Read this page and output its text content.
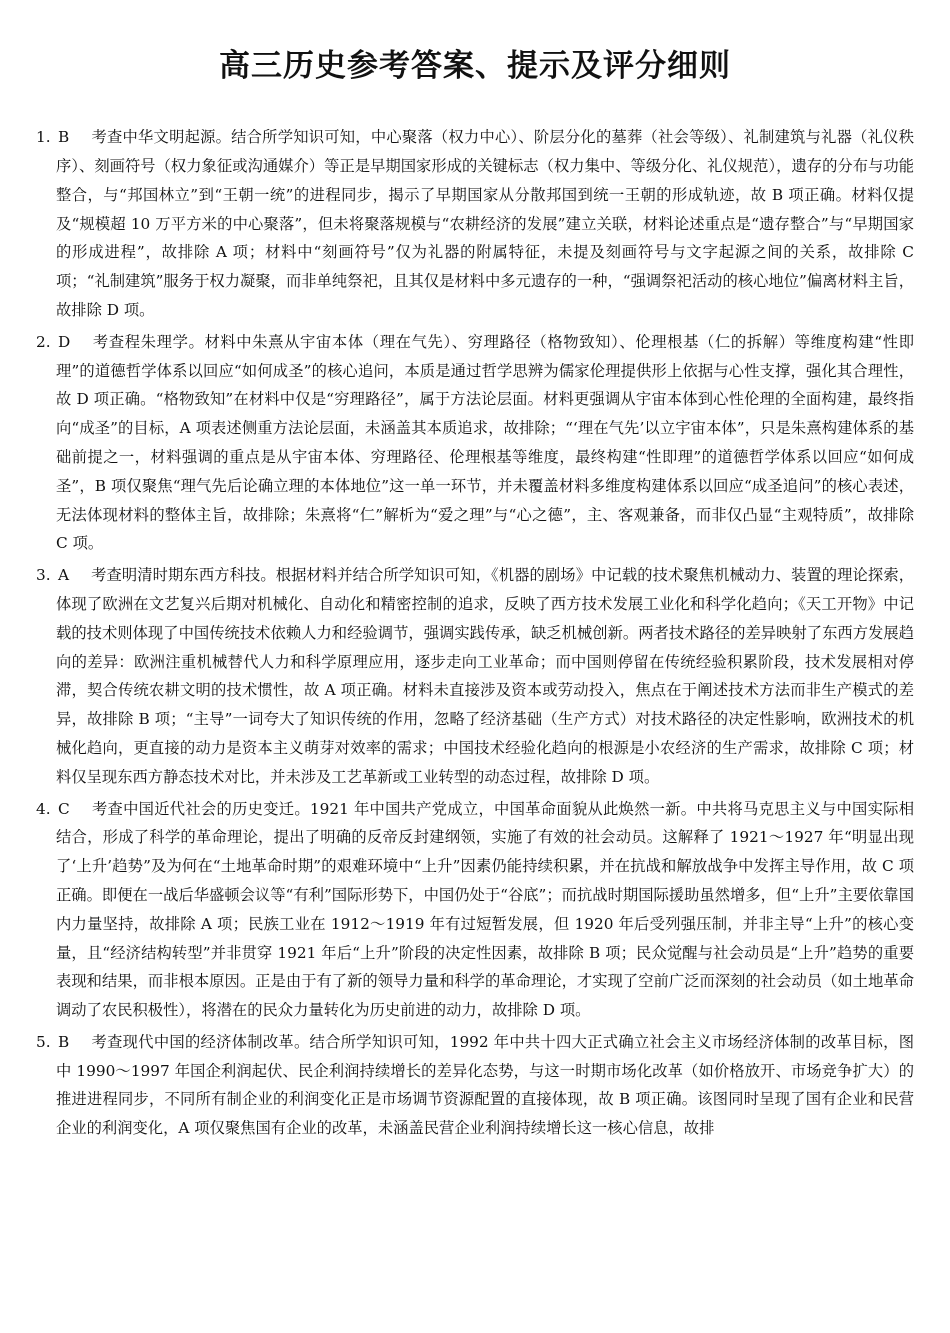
高三历史参考答案、提示及评分细则

1. B 考查中华文明起源。结合所学知识可知，中心聚落（权力中心）、阶层分化的墓葬（社会等级）、礼制建筑与礼器（礼仪秩序）、刻画符号（权力象征或沟通媒介）等正是早期国家形成的关键标志（权力集中、等级分化、礼仪规范），遗存的分布与功能整合，与“邦国林立”到“王朝一统”的进程同步，揭示了早期国家从分散邦国到统一王朝的形成轨迹，故 B 项正确。材料仅提及“规模超 10 万平方米的中心聚落”，但未将聚落规模与“农耕经济的发展”建立关联，材料论述重点是“遗存整合”与“早期国家的形成进程”，故排除 A 项；材料中“刻画符号”仅为礼器的附属特征，未提及刻画符号与文字起源之间的关系，故排除 C 项；“礼制建筑”服务于权力凝聚，而非单纯祭祀，且其仅是材料中多元遗存的一种，“强调祭祀活动的核心地位”偏离材料主旨，故排除 D 项。

2. D 考查程朱理学。材料中朱熹从宇宙本体（理在气先）、穷理路径（格物致知）、伦理根基（仁的拆解）等维度构建“性即理”的道德哲学体系以回应“如何成圣”的核心追问，本质是通过哲学思辨为儒家伦理提供形上依据与心性支撑，强化其合理性，故 D 项正确。“格物致知”在材料中仅是“穷理路径”，属于方法论层面。材料更强调从宇宙本体到心性伦理的全面构建，最终指向“成圣”的目标，A 项表述侧重方法论层面，未涵盖其本质追求，故排除；“‘理在气先’以立宇宙本体”，只是朱熹构建体系的基础前提之一，材料强调的重点是从宇宙本体、穷理路径、伦理根基等维度，最终构建“性即理”的道德哲学体系以回应“如何成圣”，B 项仅聚焦“理气先后论确立理的本体地位”这一单一环节，并未覆盖材料多维度构建体系以回应“成圣追问”的核心表述，无法体现材料的整体主旨，故排除；朱熹将“仁”解析为“爱之理”与“心之德”，主、客观兼备，而非仅凸显“主观特质”，故排除 C 项。

3. A 考查明清时期东西方科技。根据材料并结合所学知识可知，《机器的剧场》中记载的技术聚焦机械动力、装置的理论探索，体现了欧洲在文艺复兴后期对机械化、自动化和精密控制的追求，反映了西方技术发展工业化和科学化趋向；《天工开物》中记载的技术则体现了中国传统技术依赖人力和经验调节，强调实践传承，缺乏机械创新。两者技术路径的差异映射了东西方发展趋向的差异：欧洲注重机械替代人力和科学原理应用，逐步走向工业革命；而中国则停留在传统经验积累阶段，技术发展相对停滞，契合传统农耕文明的技术惯性，故 A 项正确。材料未直接涉及资本或劳动投入，焦点在于阐述技术方法而非生产模式的差异，故排除 B 项；“主导”一词夸大了知识传统的作用，忽略了经济基础（生产方式）对技术路径的决定性影响，欧洲技术的机械化趋向，更直接的动力是资本主义萌芽对效率的需求；中国技术经验化趋向的根源是小农经济的生产需求，故排除 C 项；材料仅呈现东西方静态技术对比，并未涉及工艺革新或工业转型的动态过程，故排除 D 项。

4. C 考查中国近代社会的历史变迁。1921 年中国共产党成立，中国革命面貌从此焕然一新。中共将马克思主义与中国实际相结合，形成了科学的革命理论，提出了明确的反帝反封建纲领，实施了有效的社会动员。这解释了 1921～1927 年“明显出现了‘上升’趋势”及为何在“土地革命时期”的艰难环境中“上升”因素仍能持续积累，并在抗战和解放战争中发挥主导作用，故 C 项正确。即便在一战后华盛顿会议等“有利”国际形势下，中国仍处于“谷底”；而抗战时期国际援助虽然增多，但“上升”主要依靠国内力量坚持，故排除 A 项；民族工业在 1912～1919 年有过短暂发展，但 1920 年后受列强压制，并非主导“上升”的核心变量，且“经济结构转型”并非贯穿 1921 年后“上升”阶段的决定性因素，故排除 B 项；民众觉醒与社会动员是“上升”趋势的重要表现和结果，而非根本原因。正是由于有了新的领导力量和科学的革命理论，才实现了空前广泛而深刻的社会动员（如土地革命调动了农民积极性），将潜在的民众力量转化为历史前进的动力，故排除 D 项。

5. B 考查现代中国的经济体制改革。结合所学知识可知，1992 年中共十四大正式确立社会主义市场经济体制的改革目标，图中 1990～1997 年国企利润起伏、民企利润持续增长的差异化态势，与这一时期市场化改革（如价格放开、市场竞争扩大）的推进进程同步，不同所有制企业的利润变化正是市场调节资源配置的直接体现，故 B 项正确。该图同时呈现了国有企业和民营企业的利润变化，A 项仅聚焦国有企业的改革，未涵盖民营企业利润持续增长这一核心信息，故排
